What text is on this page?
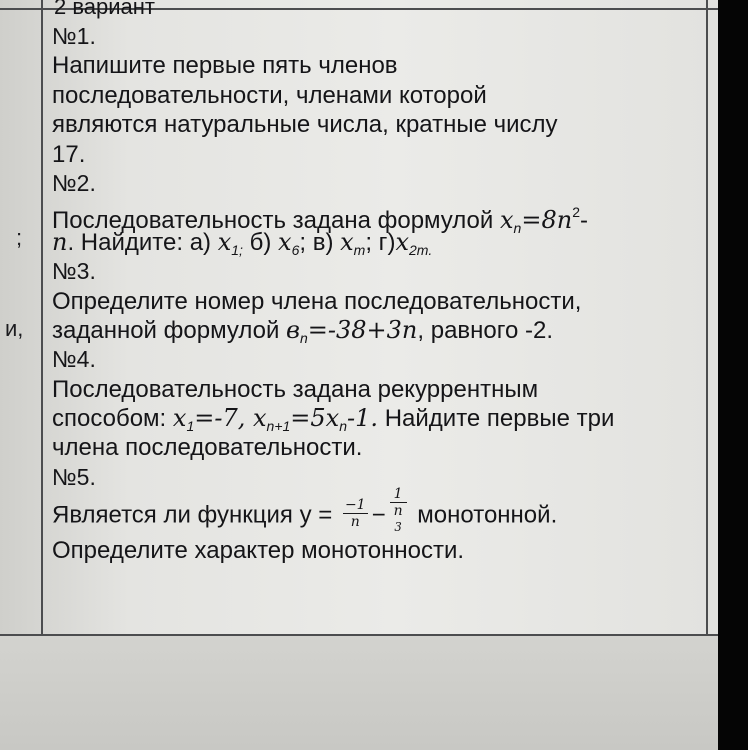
;
и,
2 вариант
№1.
Напишите первые пять членов
последовательности, членами которой
являются натуральные числа, кратные числу
17.
№2.
Последовательность задана формулой $x_n=8n^2-$
n. Найдите: а) $x_{1;}$ б) $x_6$; в) $x_m$; $г)x_{2m.}$
№3.
Определите номер члена последовательности,
заданной формулой $в_n=-38+3n$, равного -2.
№4.
Последовательность задана рекуррентным
способом: $x_1=-7$, $x_{n+1}=5x_n-1$. Найдите первые три
члена последовательности.
№5.
Является ли функция $y = \frac{-1}{n} - 1$
n
$^3$ монотонной.
Определите характер монотонности.
